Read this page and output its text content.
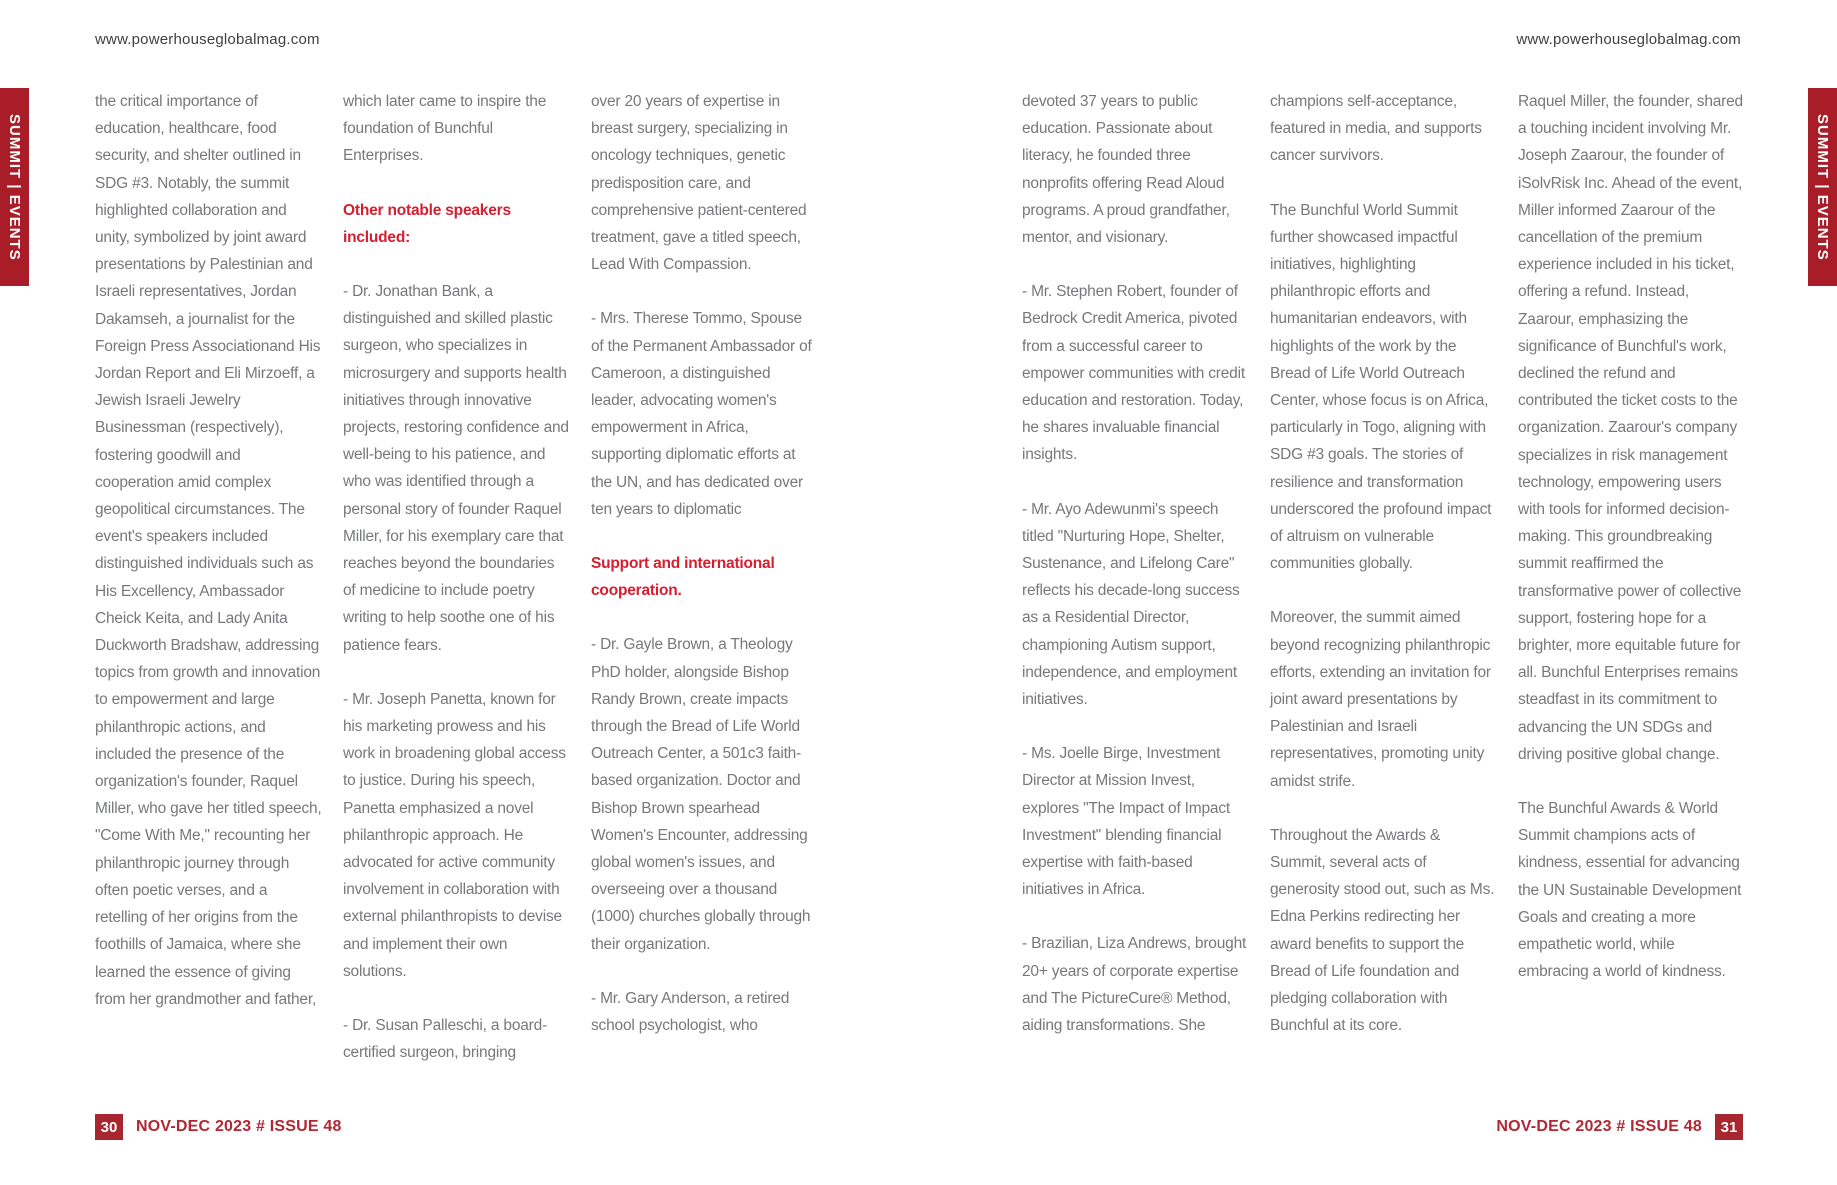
www.powerhouseglobalmag.com
SUMMIT | EVENTS

the critical importance of education, healthcare, food security, and shelter outlined in SDG #3. Notably, the summit highlighted collaboration and unity, symbolized by joint award presentations by Palestinian and Israeli representatives, Jordan Dakamseh, a journalist for the Foreign Press Associationand His Jordan Report and Eli Mirzoeff, a Jewish Israeli Jewelry Businessman (respectively), fostering goodwill and cooperation amid complex geopolitical circumstances. The event's speakers included distinguished individuals such as His Excellency, Ambassador Cheick Keita, and Lady Anita Duckworth Bradshaw, addressing topics from growth and innovation to empowerment and large philanthropic actions, and included the presence of the organization's founder, Raquel Miller, who gave her titled speech, "Come With Me," recounting her philanthropic journey through often poetic verses, and a retelling of her origins from the foothills of Jamaica, where she learned the essence of giving from her grandmother and father,

which later came to inspire the foundation of Bunchful Enterprises.

Other notable speakers included:

- Dr. Jonathan Bank, a distinguished and skilled plastic surgeon, who specializes in microsurgery and supports health initiatives through innovative projects, restoring confidence and well-being to his patience, and who was identified through a personal story of founder Raquel Miller, for his exemplary care that reaches beyond the boundaries of medicine to include poetry writing to help soothe one of his patience fears.

- Mr. Joseph Panetta, known for his marketing prowess and his work in broadening global access to justice. During his speech, Panetta emphasized a novel philanthropic approach. He advocated for active community involvement in collaboration with external philanthropists to devise and implement their own solutions.

- Dr. Susan Palleschi, a board-certified surgeon, bringing

over 20 years of expertise in breast surgery, specializing in oncology techniques, genetic predisposition care, and comprehensive patient-centered treatment, gave a titled speech, Lead With Compassion.

- Mrs. Therese Tommo, Spouse of the Permanent Ambassador of Cameroon, a distinguished leader, advocating women's empowerment in Africa, supporting diplomatic efforts at the UN, and has dedicated over ten years to diplomatic

Support and international cooperation.

- Dr. Gayle Brown, a Theology PhD holder, alongside Bishop Randy Brown, create impacts through the Bread of Life World Outreach Center, a 501c3 faith-based organization. Doctor and Bishop Brown spearhead Women's Encounter, addressing global women's issues, and overseeing over a thousand (1000) churches globally through their organization.

- Mr. Gary Anderson, a retired school psychologist, who

30	NOV-DEC 2023 # ISSUE 48
www.powerhouseglobalmag.com
SUMMIT | EVENTS

devoted 37 years to public education. Passionate about literacy, he founded three nonprofits offering Read Aloud programs. A proud grandfather, mentor, and visionary.

- Mr. Stephen Robert, founder of Bedrock Credit America, pivoted from a successful career to empower communities with credit education and restoration. Today, he shares invaluable financial insights.

- Mr. Ayo Adewunmi's speech titled "Nurturing Hope, Shelter, Sustenance, and Lifelong Care" reflects his decade-long success as a Residential Director, championing Autism support, independence, and employment initiatives.

- Ms. Joelle Birge, Investment Director at Mission Invest, explores "The Impact of Impact Investment" blending financial expertise with faith-based initiatives in Africa.

- Brazilian, Liza Andrews, brought 20+ years of corporate expertise and The PictureCure® Method, aiding transformations. She

champions self-acceptance, featured in media, and supports cancer survivors.

The Bunchful World Summit further showcased impactful initiatives, highlighting philanthropic efforts and humanitarian endeavors, with highlights of the work by the Bread of Life World Outreach Center, whose focus is on Africa, particularly in Togo, aligning with SDG #3 goals. The stories of resilience and transformation underscored the profound impact of altruism on vulnerable communities globally.

Moreover, the summit aimed beyond recognizing philanthropic efforts, extending an invitation for joint award presentations by Palestinian and Israeli representatives, promoting unity amidst strife.

Throughout the Awards & Summit, several acts of generosity stood out, such as Ms. Edna Perkins redirecting her award benefits to support the Bread of Life foundation and pledging collaboration with Bunchful at its core.

Raquel Miller, the founder, shared a touching incident involving Mr. Joseph Zaarour, the founder of iSolvRisk Inc. Ahead of the event, Miller informed Zaarour of the cancellation of the premium experience included in his ticket, offering a refund. Instead, Zaarour, emphasizing the significance of Bunchful's work, declined the refund and contributed the ticket costs to the organization. Zaarour's company specializes in risk management technology, empowering users with tools for informed decision-making. This groundbreaking summit reaffirmed the transformative power of collective support, fostering hope for a brighter, more equitable future for all. Bunchful Enterprises remains steadfast in its commitment to advancing the UN SDGs and driving positive global change.

The Bunchful Awards & World Summit champions acts of kindness, essential for advancing the UN Sustainable Development Goals and creating a more empathetic world, while embracing a world of kindness.

NOV-DEC 2023 # ISSUE 48	31
